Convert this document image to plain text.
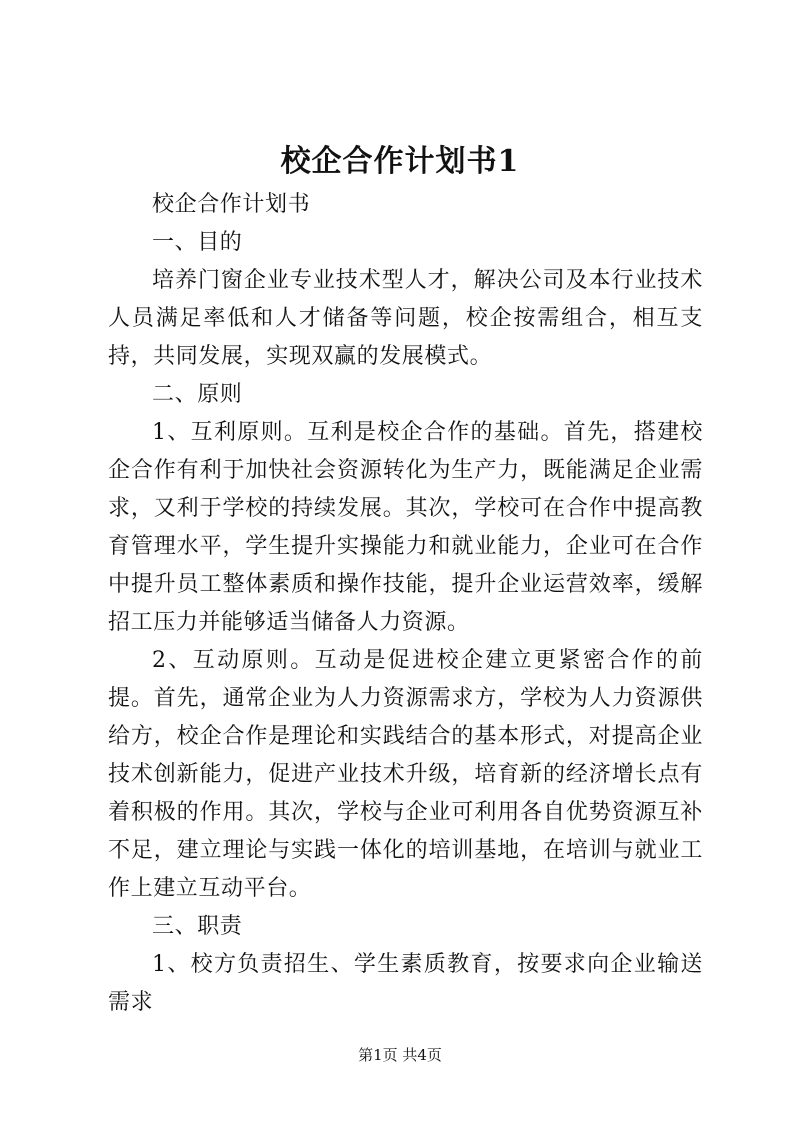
校企合作计划书1

校企合作计划书

一、目的

培养门窗企业专业技术型人才，解决公司及本行业技术人员满足率低和人才储备等问题，校企按需组合，相互支持，共同发展，实现双赢的发展模式。

二、原则

1、互利原则。互利是校企合作的基础。首先，搭建校企合作有利于加快社会资源转化为生产力，既能满足企业需求，又利于学校的持续发展。其次，学校可在合作中提高教育管理水平，学生提升实操能力和就业能力，企业可在合作中提升员工整体素质和操作技能，提升企业运营效率，缓解招工压力并能够适当储备人力资源。

2、互动原则。互动是促进校企建立更紧密合作的前提。首先，通常企业为人力资源需求方，学校为人力资源供给方，校企合作是理论和实践结合的基本形式，对提高企业技术创新能力，促进产业技术升级，培育新的经济增长点有着积极的作用。其次，学校与企业可利用各自优势资源互补不足，建立理论与实践一体化的培训基地，在培训与就业工作上建立互动平台。

三、职责

1、校方负责招生、学生素质教育，按要求向企业输送需求

第1页 共4页
